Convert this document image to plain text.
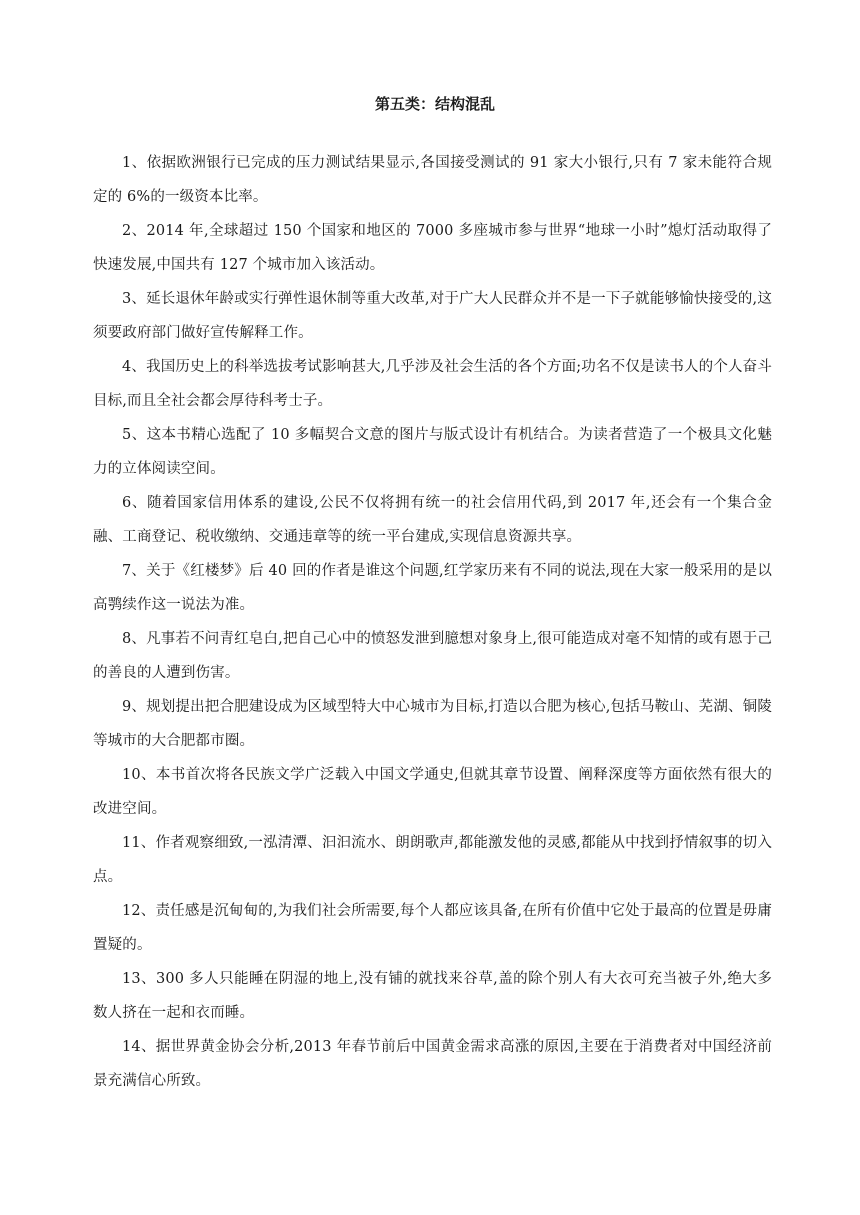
第五类：结构混乱

1、依据欧洲银行已完成的压力测试结果显示,各国接受测试的 91 家大小银行,只有 7 家未能符合规定的 6%的一级资本比率。

2、2014 年,全球超过 150 个国家和地区的 7000 多座城市参与世界“地球一小时”熄灯活动取得了快速发展,中国共有 127 个城市加入该活动。

3、延长退休年龄或实行弹性退休制等重大改革,对于广大人民群众并不是一下子就能够愉快接受的,这须要政府部门做好宣传解释工作。

4、我国历史上的科举选拔考试影响甚大,几乎涉及社会生活的各个方面;功名不仅是读书人的个人奋斗目标,而且全社会都会厚待科考士子。

5、这本书精心选配了 10 多幅契合文意的图片与版式设计有机结合。为读者营造了一个极具文化魅力的立体阅读空间。

6、随着国家信用体系的建设,公民不仅将拥有统一的社会信用代码,到 2017 年,还会有一个集合金融、工商登记、税收缴纳、交通违章等的统一平台建成,实现信息资源共享。

7、关于《红楼梦》后 40 回的作者是谁这个问题,红学家历来有不同的说法,现在大家一般采用的是以高鹗续作这一说法为准。

8、凡事若不问青红皂白,把自己心中的愤怒发泄到臆想对象身上,很可能造成对毫不知情的或有恩于己的善良的人遭到伤害。

9、规划提出把合肥建设成为区域型特大中心城市为目标,打造以合肥为核心,包括马鞍山、芜湖、铜陵等城市的大合肥都市圈。

10、本书首次将各民族文学广泛载入中国文学通史,但就其章节设置、阐释深度等方面依然有很大的改进空间。

11、作者观察细致,一泓清潭、汩汩流水、朗朗歌声,都能激发他的灵感,都能从中找到抒情叙事的切入点。

12、责任感是沉甸甸的,为我们社会所需要,每个人都应该具备,在所有价值中它处于最高的位置是毋庸置疑的。

13、300 多人只能睡在阴湿的地上,没有铺的就找来谷草,盖的除个别人有大衣可充当被子外,绝大多数人挤在一起和衣而睡。

14、据世界黄金协会分析,2013 年春节前后中国黄金需求高涨的原因,主要在于消费者对中国经济前景充满信心所致。
